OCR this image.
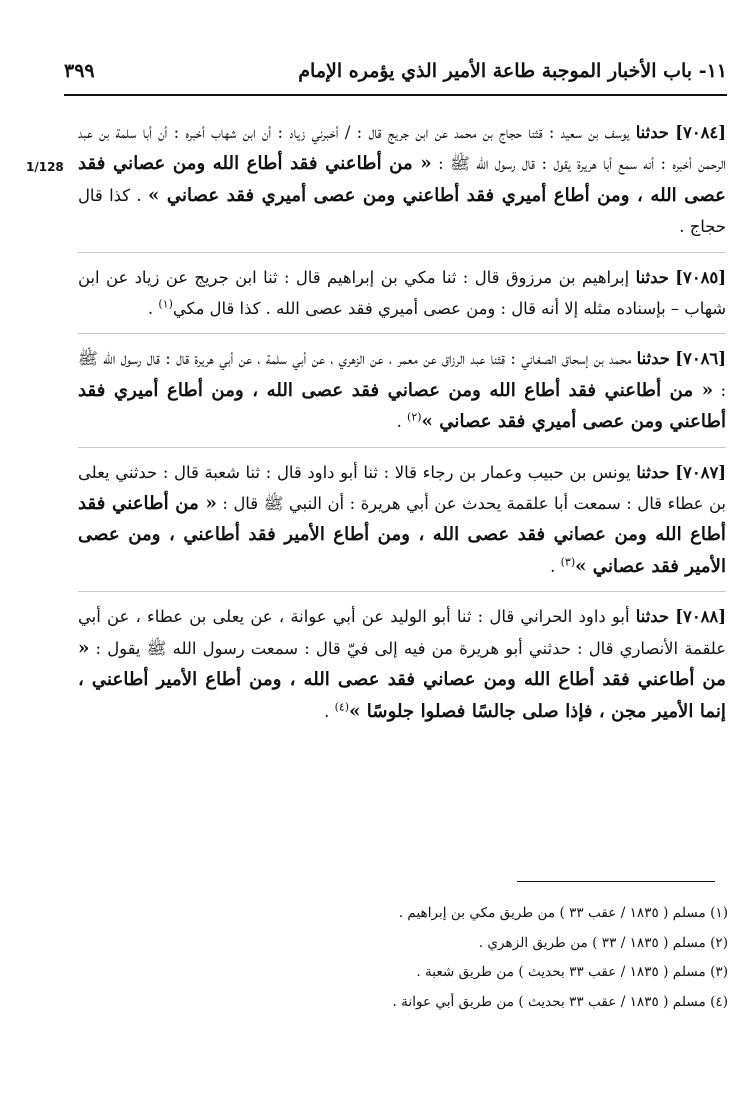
١١- باب الأخبار الموجبة طاعة الأمير الذي يؤمره الإمام
٣٩٩
1/128

[٧٠٨٤] حدثنا يوسف بن سعيد : قثنا حجاج بن محمد عن ابن جريج قال : / أخبرني زياد : أن ابن شهاب أخبره : أن أبا سلمة بن عبد الرحمن أخبره : أنه سمع أبا هريرة يقول : قال رسول الله ﷺ : « من أطاعني فقد أطاع الله ومن عصاني فقد عصى الله ، ومن أطاع أميري فقد أطاعني ومن عصى أميري فقد عصاني » . كذا قال حجاج .

[٧٠٨٥] حدثنا إبراهيم بن مرزوق قال : ثنا مكي بن إبراهيم قال : ثنا ابن جريج عن زياد عن ابن شهاب – بإسناده مثله إلا أنه قال : ومن عصى أميري فقد عصى الله . كذا قال مكي$^{(١)}$ .

[٧٠٨٦] حدثنا محمد بن إسحاق الصغاني : قثنا عبد الرزاق عن معمر ، عن الزهري ، عن أبي سلمة ، عن أبي هريرة قال : قال رسول الله ﷺ : « من أطاعني فقد أطاع الله ومن عصاني فقد عصى الله ، ومن أطاع أميري فقد أطاعني ومن عصى أميري فقد عصاني »$^{(٢)}$ .

[٧٠٨٧] حدثنا يونس بن حبيب وعمار بن رجاء قالا : ثنا أبو داود قال : ثنا شعبة قال : حدثني يعلى بن عطاء قال : سمعت أبا علقمة يحدث عن أبي هريرة : أن النبي ﷺ قال : « من أطاعني فقد أطاع الله ومن عصاني فقد عصى الله ، ومن أطاع الأمير فقد أطاعني ، ومن عصى الأمير فقد عصاني »$^{(٣)}$ .

[٧٠٨٨] حدثنا أبو داود الحراني قال : ثنا أبو الوليد عن أبي عوانة ، عن يعلى بن عطاء ، عن أبي علقمة الأنصاري قال : حدثني أبو هريرة من فيه إلى فيّ قال : سمعت رسول الله ﷺ يقول : « من أطاعني فقد أطاع الله ومن عصاني فقد عصى الله ، ومن أطاع الأمير أطاعني ، إنما الأمير مجن ، فإذا صلى جالسًا فصلوا جلوسًا »$^{(٤)}$ .

(١) مسلم ( ١٨٣٥ / عقب ٣٣ ) من طريق مكي بن إبراهيم .

(٢) مسلم ( ١٨٣٥ / ٣٣ ) من طريق الزهري .

(٣) مسلم ( ١٨٣٥ / عقب ٣٣ بحديث ) من طريق شعبة .

(٤) مسلم ( ١٨٣٥ / عقب ٣٣ بحديث ) من طريق أبي عوانة .
